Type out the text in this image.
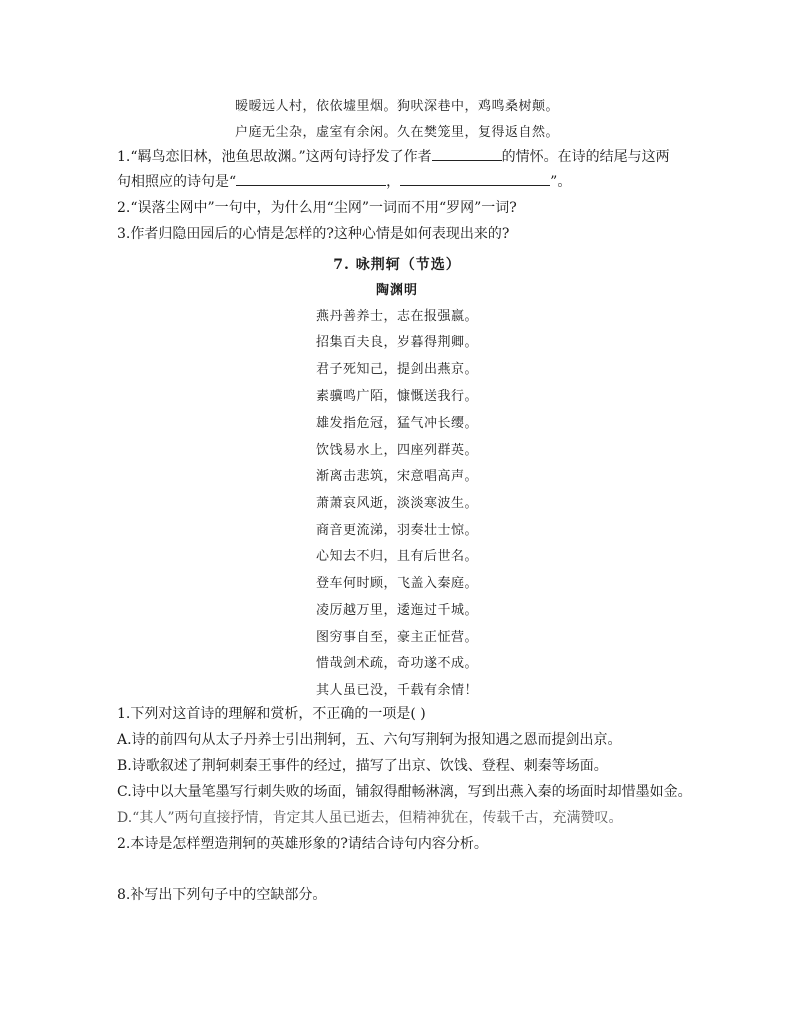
暧暧远人村，依依墟里烟。狗吠深巷中，鸡鸣桑树颠。
户庭无尘杂，虚室有余闲。久在樊笼里，复得返自然。
1.“羁鸟恋旧林，池鱼思故渊。”这两句诗抒发了作者	的情怀。在诗的结尾与这两
句相照应的诗句是“	，	”。
2.“误落尘网中”一句中，为什么用“尘网”一词而不用“罗网”一词?
3.作者归隐田园后的心情是怎样的?这种心情是如何表现出来的?
7. 咏荆轲（节选）
陶渊明
燕丹善养士，志在报强嬴。
招集百夫良，岁暮得荆卿。
君子死知己，提剑出燕京。
素骥鸣广陌，慷慨送我行。
雄发指危冠，猛气冲长缨。
饮饯易水上，四座列群英。
渐离击悲筑，宋意唱高声。
萧萧哀风逝，淡淡寒波生。
商音更流涕，羽奏壮士惊。
心知去不归，且有后世名。
登车何时顾，飞盖入秦庭。
凌厉越万里，逶迤过千城。
图穷事自至，豪主正怔营。
惜哉剑术疏，奇功遂不成。
其人虽已没，千载有余情！
1.下列对这首诗的理解和赏析，不正确的一项是( )
A.诗的前四句从太子丹养士引出荆轲，五、六句写荆轲为报知遇之恩而提剑出京。
B.诗歌叙述了荆轲刺秦王事件的经过，描写了出京、饮饯、登程、刺秦等场面。
C.诗中以大量笔墨写行刺失败的场面，铺叙得酣畅淋漓，写到出燕入秦的场面时却惜墨如金。
D.“其人”两句直接抒情，肯定其人虽已逝去，但精神犹在，传载千古，充满赞叹。
2.本诗是怎样塑造荆轲的英雄形象的?请结合诗句内容分析。
8.补写出下列句子中的空缺部分。
